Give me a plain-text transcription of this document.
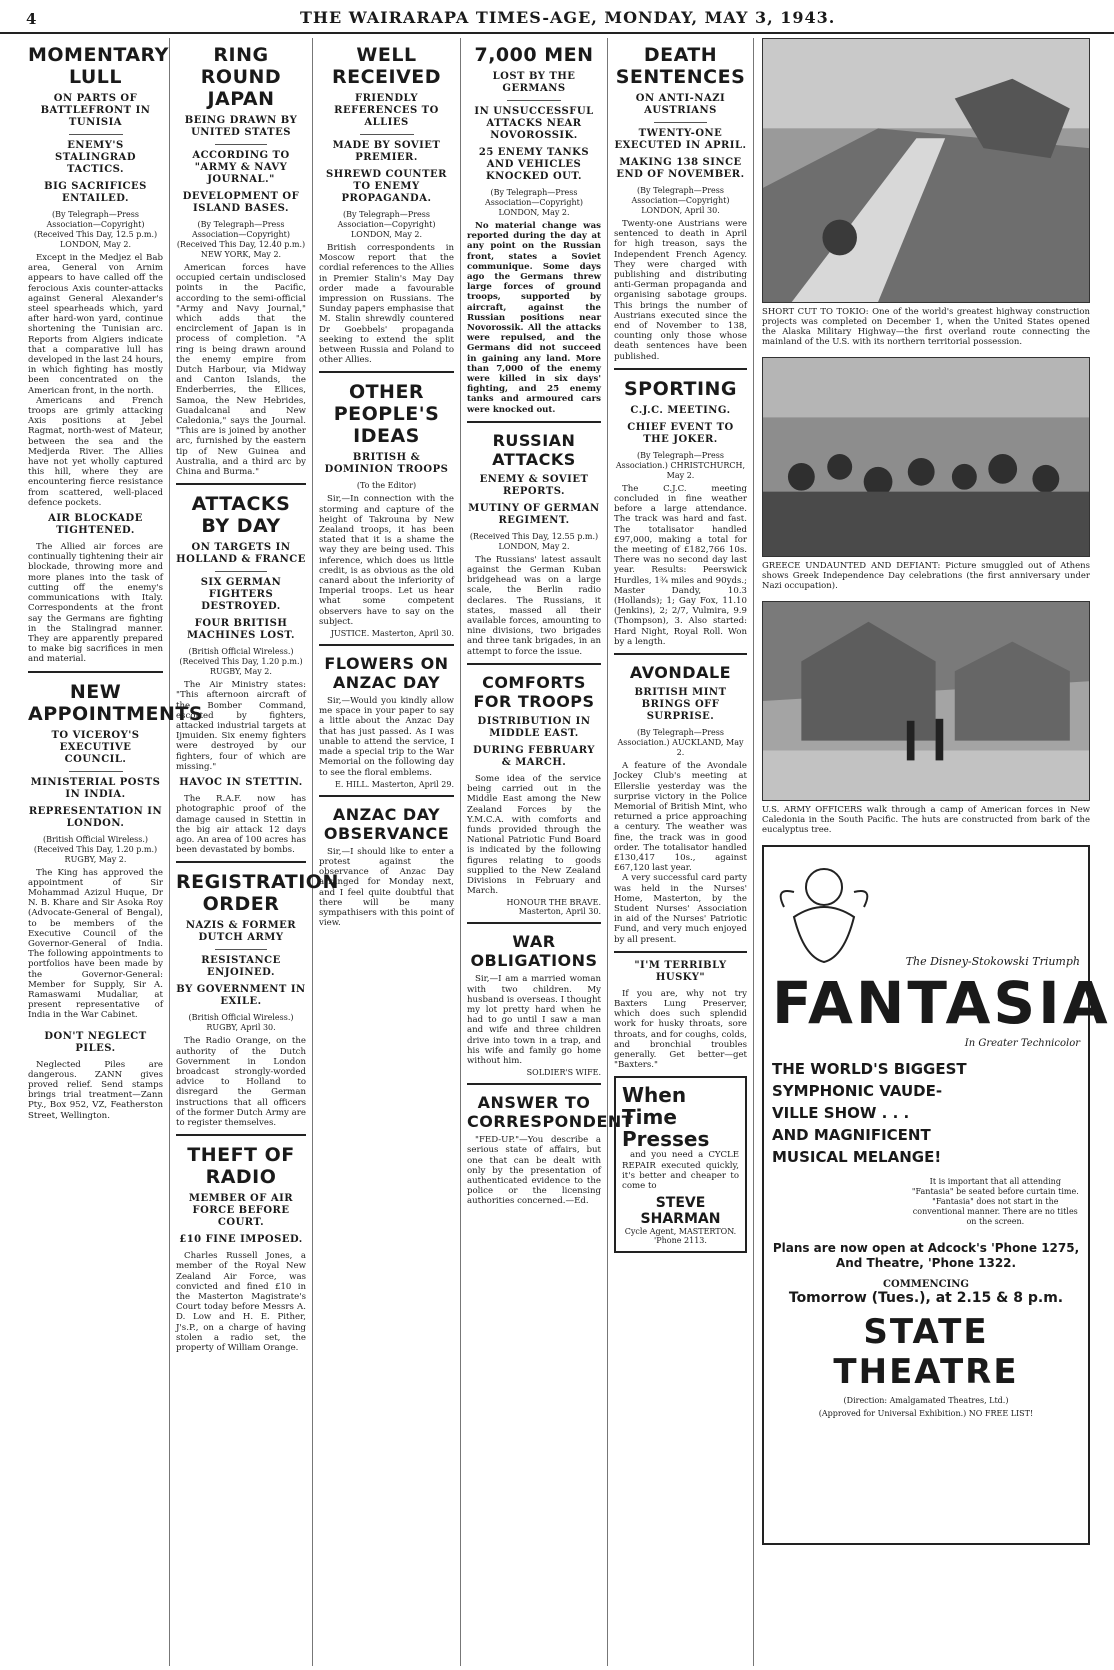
4	THE WAIRARAPA TIMES-AGE, MONDAY, MAY 3, 1943.
MOMENTARY LULL
ON PARTS OF BATTLEFRONT IN TUNISIA
ENEMY'S STALINGRAD TACTICS.
BIG SACRIFICES ENTAILED.
(By Telegraph—Press Association—Copyright) (Received This Day, 12.5 p.m.) LONDON, May 2.

Except in the Medjez el Bab area, General von Arnim appears to have called off the ferocious Axis counter-attacks against General Alexander's steel spearheads which, yard after hard-won yard, continue shortening the Tunisian arc. Reports from Algiers indicate that a comparative lull has developed in the last 24 hours, in which fighting has mostly been concentrated on the American front, in the north.

Americans and French troops are grimly attacking Axis positions at Jebel Ragmat, north-west of Mateur, between the sea and the Medjerda River. The Allies have not yet wholly captured this hill, where they are encountering fierce resistance from scattered, well-placed defence pockets.

AIR BLOCKADE TIGHTENED.

The Allied air forces are continually tightening their air blockade, throwing more and more planes into the task of cutting off the enemy's communications with Italy. Correspondents at the front say the Germans are fighting in the Stalingrad manner. They are apparently prepared to make big sacrifices in men and material.

NEW APPOINTMENTS
TO VICEROY'S EXECUTIVE COUNCIL.
MINISTERIAL POSTS IN INDIA.
REPRESENTATION IN LONDON.
(British Official Wireless.) (Received This Day, 1.20 p.m.) RUGBY, May 2.

The King has approved the appointment of Sir Mohammad Azizul Huque, Dr N. B. Khare and Sir Asoka Roy (Advocate-General of Bengal), to be members of the Executive Council of the Governor-General of India. The following appointments to portfolios have been made by the Governor-General: Member for Supply, Sir A. Ramaswami Mudaliar, at present representative of India in the War Cabinet.

DON'T NEGLECT PILES.

Neglected Piles are dangerous. ZANN gives proved relief. Send stamps brings trial treatment—Zann Pty., Box 952, VZ, Featherston Street, Wellington.

RING ROUND JAPAN
BEING DRAWN BY UNITED STATES
ACCORDING TO "ARMY & NAVY JOURNAL."
DEVELOPMENT OF ISLAND BASES.
(By Telegraph—Press Association—Copyright) (Received This Day, 12.40 p.m.) NEW YORK, May 2.

American forces have occupied certain undisclosed points in the Pacific, according to the semi-official "Army and Navy Journal," which adds that the encirclement of Japan is in process of completion. "A ring is being drawn around the enemy empire from Dutch Harbour, via Midway and Canton Islands, the Enderberries, the Ellices, Samoa, the New Hebrides, Guadalcanal and New Caledonia," says the Journal. "This are is joined by another arc, furnished by the eastern tip of New Guinea and Australia, and a third arc by China and Burma."

ATTACKS BY DAY
ON TARGETS IN HOLLAND & FRANCE
SIX GERMAN FIGHTERS DESTROYED.
FOUR BRITISH MACHINES LOST.
(British Official Wireless.) (Received This Day, 1.20 p.m.) RUGBY, May 2.

The Air Ministry states: "This afternoon aircraft of the Bomber Command, escorted by fighters, attacked industrial targets at Ijmuiden. Six enemy fighters were destroyed by our fighters, four of which are missing."

HAVOC IN STETTIN.

The R.A.F. now has photographic proof of the damage caused in Stettin in the big air attack 12 days ago. An area of 100 acres has been devastated by bombs.

REGISTRATION ORDER
NAZIS & FORMER DUTCH ARMY
RESISTANCE ENJOINED.
BY GOVERNMENT IN EXILE.
(British Official Wireless.) RUGBY, April 30.

The Radio Orange, on the authority of the Dutch Government in London broadcast strongly-worded advice to Holland to disregard the German instructions that all officers of the former Dutch Army are to register themselves.

THEFT OF RADIO
MEMBER OF AIR FORCE BEFORE COURT.
£10 FINE IMPOSED.

Charles Russell Jones, a member of the Royal New Zealand Air Force, was convicted and fined £10 in the Masterton Magistrate's Court today before Messrs A. D. Low and H. E. Pither, J's.P., on a charge of having stolen a radio set, the property of William Orange.

WELL RECEIVED
FRIENDLY REFERENCES TO ALLIES
MADE BY SOVIET PREMIER.
SHREWD COUNTER TO ENEMY PROPAGANDA.
(By Telegraph—Press Association—Copyright) LONDON, May 2.

British correspondents in Moscow report that the cordial references to the Allies in Premier Stalin's May Day order made a favourable impression on Russians. The Sunday papers emphasise that M. Stalin shrewdly countered Dr Goebbels' propaganda seeking to extend the split between Russia and Poland to other Allies.

OTHER PEOPLE'S IDEAS
BRITISH & DOMINION TROOPS
(To the Editor)

Sir,—In connection with the storming and capture of the height of Takrouna by New Zealand troops, it has been stated that it is a shame the way they are being used. This inference, which does us little credit, is as obvious as the old canard about the inferiority of Imperial troops. Let us hear what some competent observers have to say on the subject.

JUSTICE. Masterton, April 30.
FLOWERS ON ANZAC DAY

Sir,—Would you kindly allow me space in your paper to say a little about the Anzac Day that has just passed. As I was unable to attend the service, I made a special trip to the War Memorial on the following day to see the floral emblems.

E. HILL. Masterton, April 29.
ANZAC DAY OBSERVANCE

Sir,—I should like to enter a protest against the observance of Anzac Day arranged for Monday next, and I feel quite doubtful that there will be many sympathisers with this point of view.

7,000 MEN
LOST BY THE GERMANS
IN UNSUCCESSFUL ATTACKS NEAR NOVOROSSIK.
25 ENEMY TANKS AND VEHICLES KNOCKED OUT.
(By Telegraph—Press Association—Copyright) LONDON, May 2.

No material change was reported during the day at any point on the Russian front, states a Soviet communique. Some days ago the Germans threw large forces of ground troops, supported by aircraft, against the Russian positions near Novorossik. All the attacks were repulsed, and the Germans did not succeed in gaining any land. More than 7,000 of the enemy were killed in six days' fighting, and 25 enemy tanks and armoured cars were knocked out.

RUSSIAN ATTACKS
ENEMY & SOVIET REPORTS.
MUTINY OF GERMAN REGIMENT.
(Received This Day, 12.55 p.m.) LONDON, May 2.

The Russians' latest assault against the German Kuban bridgehead was on a large scale, the Berlin radio declares. The Russians, it states, massed all their available forces, amounting to nine divisions, two brigades and three tank brigades, in an attempt to force the issue.

COMFORTS FOR TROOPS
DISTRIBUTION IN MIDDLE EAST.
DURING FEBRUARY & MARCH.

Some idea of the service being carried out in the Middle East among the New Zealand Forces by the Y.M.C.A. with comforts and funds provided through the National Patriotic Fund Board is indicated by the following figures relating to goods supplied to the New Zealand Divisions in February and March.

HONOUR THE BRAVE. Masterton, April 30.
WAR OBLIGATIONS

Sir,—I am a married woman with two children. My husband is overseas. I thought my lot pretty hard when he had to go until I saw a man and wife and three children drive into town in a trap, and his wife and family go home without him.

SOLDIER'S WIFE.
ANSWER TO CORRESPONDENT

"FED-UP."—You describe a serious state of affairs, but one that can be dealt with only by the presentation of authenticated evidence to the police or the licensing authorities concerned.—Ed.

DEATH SENTENCES
ON ANTI-NAZI AUSTRIANS
TWENTY-ONE EXECUTED IN APRIL.
MAKING 138 SINCE END OF NOVEMBER.
(By Telegraph—Press Association—Copyright) LONDON, April 30.

Twenty-one Austrians were sentenced to death in April for high treason, says the Independent French Agency. They were charged with publishing and distributing anti-German propaganda and organising sabotage groups. This brings the number of Austrians executed since the end of November to 138, counting only those whose death sentences have been published.

SPORTING
C.J.C. MEETING.
CHIEF EVENT TO THE JOKER.
(By Telegraph—Press Association.) CHRISTCHURCH, May 2.

The C.J.C. meeting concluded in fine weather before a large attendance. The track was hard and fast. The totalisator handled £97,000, making a total for the meeting of £182,766 10s. There was no second day last year. Results: Peerswick Hurdles, 1¾ miles and 90yds.; Master Dandy, 10.3 (Hollands); 1; Gay Fox, 11.10 (Jenkins), 2; 2/7, Vulmira, 9.9 (Thompson), 3. Also started: Hard Night, Royal Roll. Won by a length.

AVONDALE
BRITISH MINT BRINGS OFF SURPRISE.
(By Telegraph—Press Association.) AUCKLAND, May 2.

A feature of the Avondale Jockey Club's meeting at Ellerslie yesterday was the surprise victory in the Police Memorial of British Mint, who returned a price approaching a century. The weather was fine, the track was in good order. The totalisator handled £130,417 10s., against £67,120 last year.

A very successful card party was held in the Nurses' Home, Masterton, by the Student Nurses' Association in aid of the Nurses' Patriotic Fund, and very much enjoyed by all present.

"I'M TERRIBLY HUSKY"

If you are, why not try Baxters Lung Preserver, which does such splendid work for husky throats, sore throats, and for coughs, colds, and bronchial troubles generally. Get better—get "Baxters."

When Time Presses

and you need a CYCLE REPAIR executed quickly, it's better and cheaper to come to

STEVE SHARMAN
Cycle Agent, MASTERTON. 'Phone 2113.
SHORT CUT TO TOKIO: One of the world's greatest highway construction projects was completed on December 1, when the United States opened the Alaska Military Highway—the first overland route connecting the mainland of the U.S. with its northern territorial possession.
GREECE UNDAUNTED AND DEFIANT: Picture smuggled out of Athens shows Greek Independence Day celebrations (the first anniversary under Nazi occupation).
U.S. ARMY OFFICERS walk through a camp of American forces in New Caledonia in the South Pacific. The huts are constructed from bark of the eucalyptus tree.
The Disney-Stokowski Triumph
FANTASIA
In Greater Technicolor
THE WORLD'S BIGGEST
SYMPHONIC VAUDE-
VILLE SHOW . . .
AND MAGNIFICENT
MUSICAL MELANGE!
It is important that all attending "Fantasia" be seated before curtain time. "Fantasia" does not start in the conventional manner. There are no titles on the screen.
Plans are now open at Adcock's 'Phone 1275, And Theatre, 'Phone 1322.
COMMENCING
Tomorrow (Tues.), at 2.15 & 8 p.m.
STATE THEATRE
(Direction: Amalgamated Theatres, Ltd.)
(Approved for Universal Exhibition.) NO FREE LIST!
